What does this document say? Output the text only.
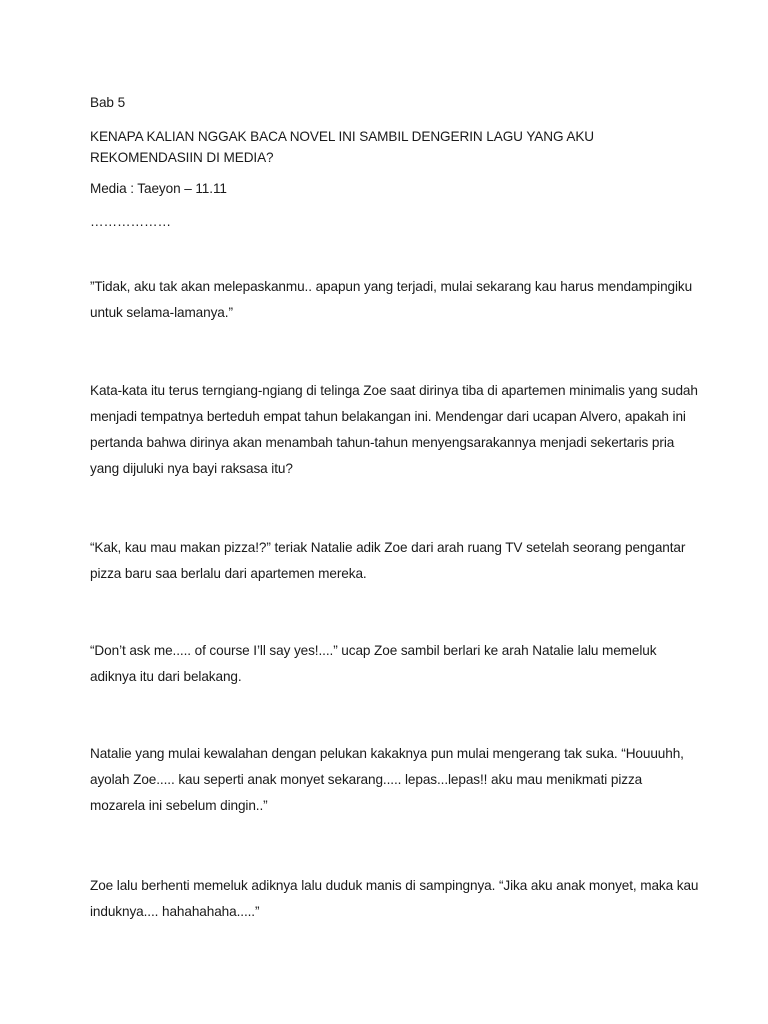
Bab 5
KENAPA KALIAN NGGAK BACA NOVEL INI SAMBIL DENGERIN LAGU YANG AKU REKOMENDASIIN DI MEDIA?
Media : Taeyon – 11.11
………………
”Tidak, aku tak akan melepaskanmu.. apapun yang terjadi, mulai sekarang kau harus mendampingiku untuk selama-lamanya.”
Kata-kata itu terus terngiang-ngiang di telinga Zoe saat dirinya tiba di apartemen minimalis yang sudah menjadi tempatnya berteduh empat tahun belakangan ini. Mendengar dari ucapan Alvero, apakah ini pertanda bahwa dirinya akan menambah tahun-tahun menyengsarakannya menjadi sekertaris pria yang dijuluki nya bayi raksasa itu?
“Kak, kau mau makan pizza!?” teriak Natalie adik Zoe dari arah ruang TV setelah seorang pengantar pizza baru saa berlalu dari apartemen mereka.
“Don’t ask me..... of course I’ll say yes!....” ucap Zoe sambil berlari ke arah Natalie lalu memeluk adiknya itu dari belakang.
Natalie yang mulai kewalahan dengan pelukan kakaknya pun mulai mengerang tak suka. “Houuuhh, ayolah Zoe..... kau seperti anak monyet sekarang..... lepas...lepas!! aku mau menikmati pizza mozarela ini sebelum dingin..”
Zoe lalu berhenti memeluk adiknya lalu duduk manis di sampingnya. “Jika aku anak monyet, maka kau induknya.... hahahahaha.....”
